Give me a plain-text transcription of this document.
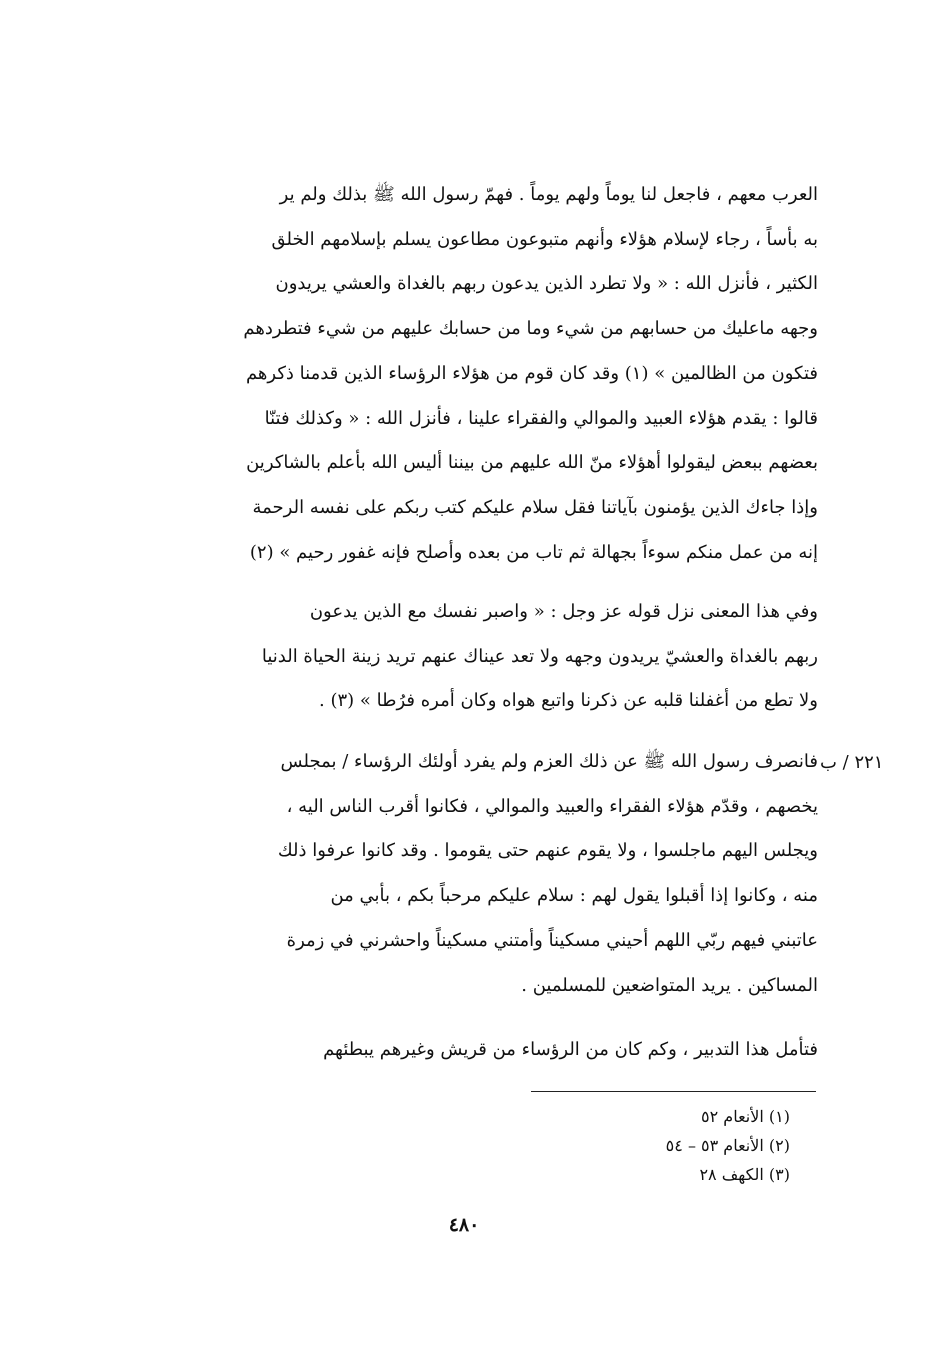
العرب معهم ، فاجعل لنا يوماً ولهم يوماً . فهمّ رسول الله ﷺ بذلك ولم ير
به بأساً ، رجاء لإسلام هؤلاء وأنهم متبوعون مطاعون يسلم بإسلامهم الخلق
الكثير ، فأنزل الله : « ولا تطرد الذين يدعون ربهم بالغداة والعشي يريدون
وجهه ماعليك من حسابهم من شيء وما من حسابك عليهم من شيء فتطردهم
فتكون من الظالمين » (١) وقد كان قوم من هؤلاء الرؤساء الذين قدمنا ذكرهم
قالوا : يقدم هؤلاء العبيد والموالي والفقراء علينا ، فأنزل الله : « وكذلك فتنّا
بعضهم ببعض ليقولوا أهؤلاء منّ الله عليهم من بيننا أليس الله بأعلم بالشاكرين
وإذا جاءك الذين يؤمنون بآياتنا فقل سلام عليكم كتب ربكم على نفسه الرحمة
إنه من عمل منكم سوءاً بجهالة ثم تاب من بعده وأصلح فإنه غفور رحيم » (٢)

وفي هذا المعنى نزل قوله عز وجل : « واصبر نفسك مع الذين يدعون
ربهم بالغداة والعشيّ يريدون وجهه ولا تعد عيناك عنهم تريد زينة الحياة الدنيا
ولا تطع من أغفلنا قلبه عن ذكرنا واتبع هواه وكان أمره فرُطا » (٣) .

٢٢١ / ب

فانصرف رسول الله ﷺ عن ذلك العزم ولم يفرد أولئك الرؤساء / بمجلس
يخصهم ، وقدّم هؤلاء الفقراء والعبيد والموالي ، فكانوا أقرب الناس اليه ،
ويجلس اليهم ماجلسوا ، ولا يقوم عنهم حتى يقوموا . وقد كانوا عرفوا ذلك
منه ، وكانوا إذا أقبلوا يقول لهم : سلام عليكم مرحباً بكم ، بأبي من
عاتبني فيهم ربّي اللهم أحيني مسكيناً وأمتني مسكيناً واحشرني في زمرة
المساكين . يريد المتواضعين للمسلمين .

فتأمل هذا التدبير ، وكم كان من الرؤساء من قريش وغيرهم يبطئهم

(١) الأنعام ٥٢
(٢) الأنعام ٥٣ – ٥٤
(٣) الكهف ٢٨
٤٨٠
